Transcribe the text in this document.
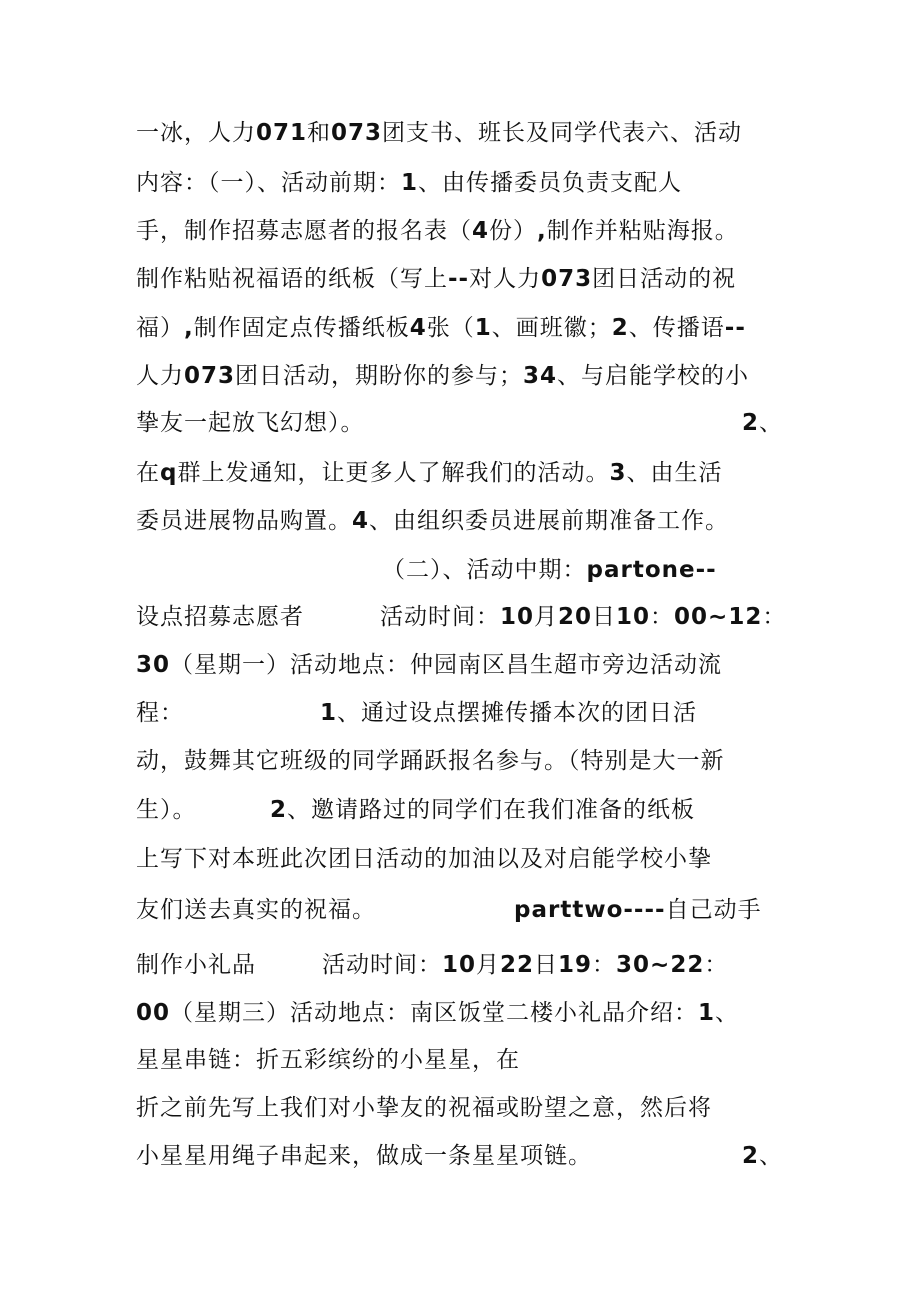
一冰，人力071和073团支书、班长及同学代表六、活动
内容：（一）、活动前期：1、由传播委员负责支配人
手，制作招募志愿者的报名表（4份）,制作并粘贴海报。
制作粘贴祝福语的纸板（写上--对人力073团日活动的祝
福）,制作固定点传播纸板4张（1、画班徽；2、传播语--
人力073团日活动，期盼你的参与；34、与启能学校的小
挚友一起放飞幻想）。	2、
在q群上发通知，让更多人了解我们的活动。3、由生活
委员进展物品购置。4、由组织委员进展前期准备工作。
（二）、活动中期：partone--
设点招募志愿者	活动时间：10月20日10：00~12：
30（星期一）活动地点：仲园南区昌生超市旁边活动流
程：	1、通过设点摆摊传播本次的团日活
动，鼓舞其它班级的同学踊跃报名参与。（特别是大一新
生）。	2、邀请路过的同学们在我们准备的纸板
上写下对本班此次团日活动的加油以及对启能学校小挚
友们送去真实的祝福。	parttwo----自己动手
制作小礼品	活动时间：10月22日19：30~22：
00（星期三）活动地点：南区饭堂二楼小礼品介绍：1、
星星串链：折五彩缤纷的小星星，在
折之前先写上我们对小挚友的祝福或盼望之意，然后将
小星星用绳子串起来，做成一条星星项链。	2、
